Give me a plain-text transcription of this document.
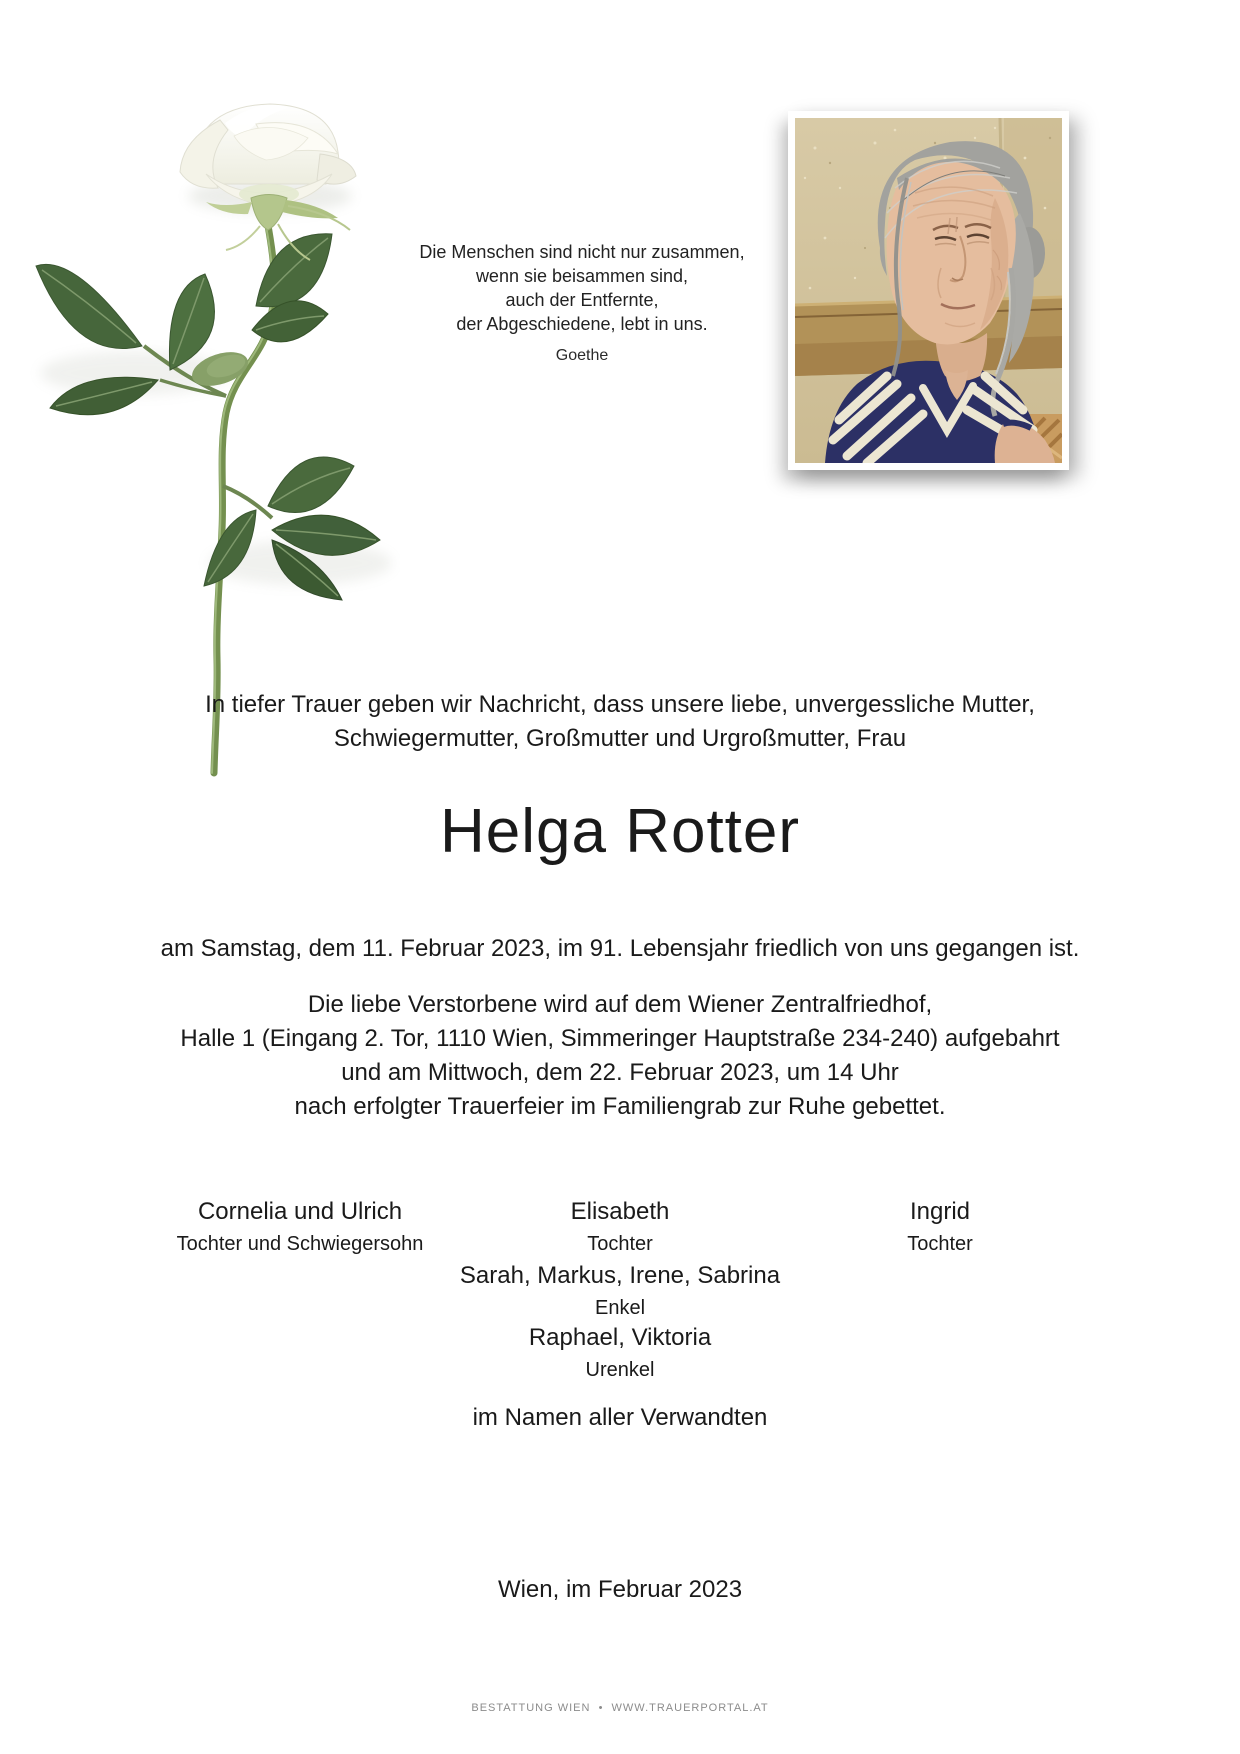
Die Menschen sind nicht nur zusammen,
wenn sie beisammen sind,
auch der Entfernte,
der Abgeschiedene, lebt in uns.
Goethe
In tiefer Trauer geben wir Nachricht, dass unsere liebe, unvergessliche Mutter,
Schwiegermutter, Großmutter und Urgroßmutter, Frau
Helga Rotter
am Samstag, dem 11. Februar 2023, im 91. Lebensjahr friedlich von uns gegangen ist.
Die liebe Verstorbene wird auf dem Wiener Zentralfriedhof,
Halle 1 (Eingang 2. Tor, 1110 Wien, Simmeringer Hauptstraße 234-240) aufgebahrt
und am Mittwoch, dem 22. Februar 2023, um 14 Uhr
nach erfolgter Trauerfeier im Familiengrab zur Ruhe gebettet.
Cornelia und Ulrich
Tochter und Schwiegersohn
Elisabeth
Tochter
Ingrid
Tochter
Sarah, Markus, Irene, Sabrina
Enkel
Raphael, Viktoria
Urenkel
im Namen aller Verwandten
Wien, im Februar 2023
BESTATTUNG WIEN  •  WWW.TRAUERPORTAL.AT
